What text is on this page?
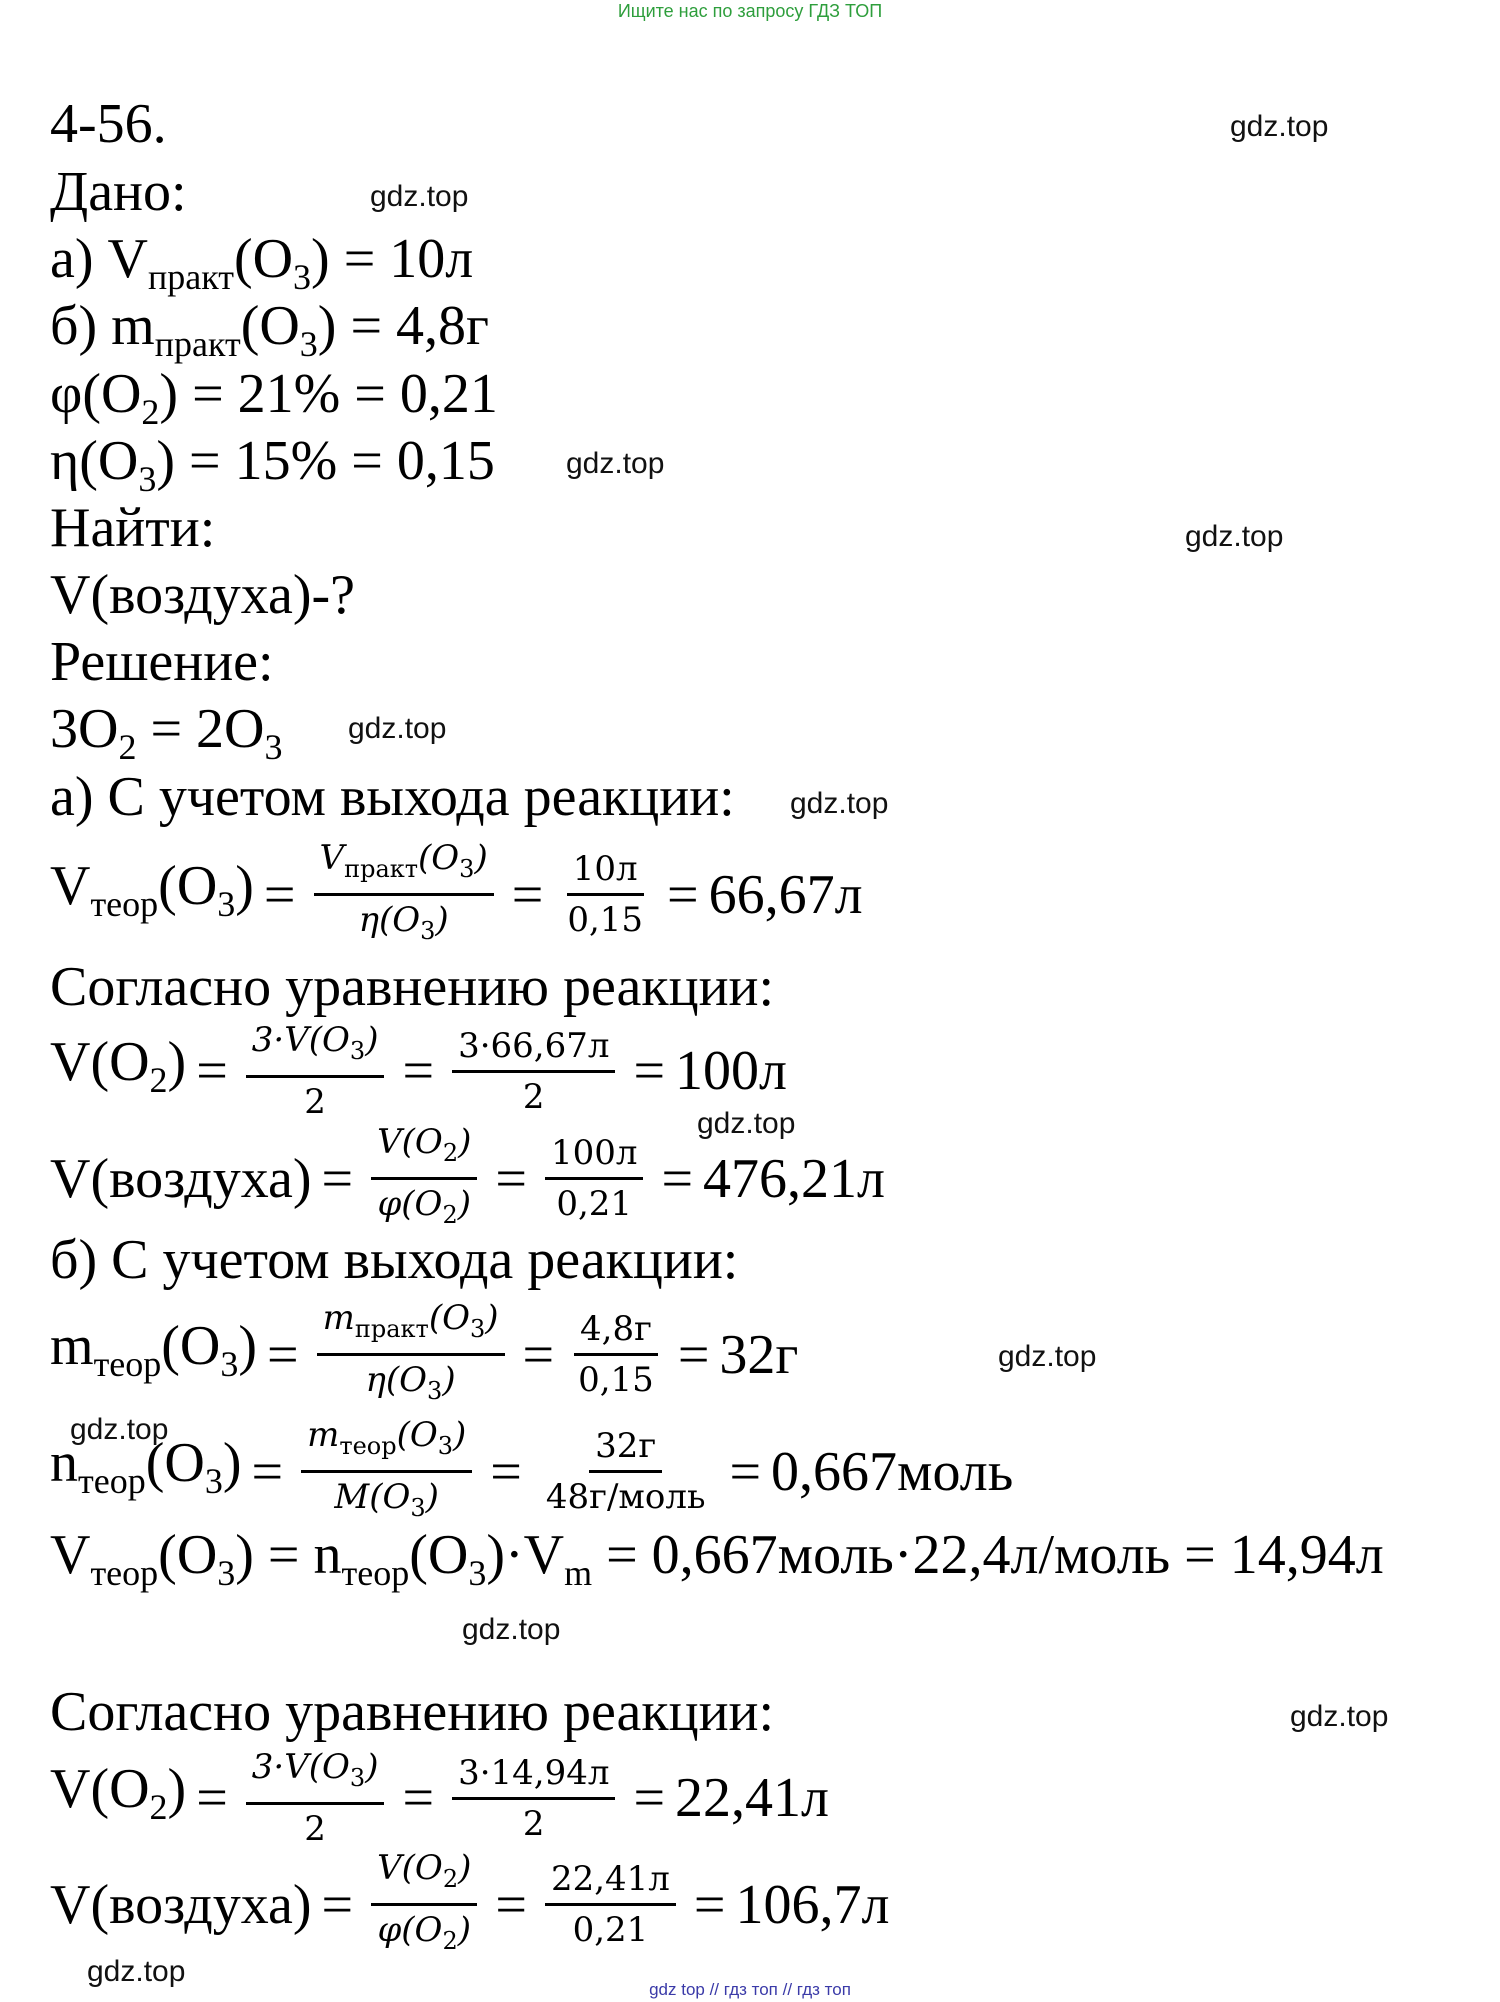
Ищите нас по запросу ГДЗ ТОП
gdz.top
gdz.top
gdz.top
gdz.top
gdz.top
gdz.top
gdz.top
gdz.top
gdz.top
gdz.top
gdz.top
gdz.top
4-56.
Дано:
а) $V_{практ}(O_3) = 10л$
б) $m_{практ}(O_3) = 4,8г$
$\varphi(O_2) = 21\% = 0,21$
$\eta(O_3) = 15\% = 0,15$
Найти:
V(воздуха)-?
Решение:
$3O_2 = 2O_3$
а) С учетом выхода реакции:
$V_{теор}(O_3) = \frac{V_{практ}(O_3)}{\eta(O_3)} = \frac{10л}{0,15} = 66,67л$
Согласно уравнению реакции:
$V(O_2) = \frac{3\cdot V(O_3)}{2} = \frac{3\cdot 66,67л}{2} = 100л$
V(воздуха) = $\frac{V(O_2)}{\varphi(O_2)} = \frac{100л}{0,21} = 476,21л$
б) С учетом выхода реакции:
$m_{теор}(O_3) = \frac{m_{практ}(O_3)}{\eta(O_3)} = \frac{4,8г}{0,15} = 32г$
$n_{теор}(O_3) = \frac{m_{теор}(O_3)}{M(O_3)} = \frac{32г}{\text{48г/моль}}$ = 0,667моль
$V_{теор}(O_3) = n_{теор}(O_3)\cdot V_m$ = 0,667моль·22,4л/моль = 14,94л
Согласно уравнению реакции:
$V(O_2) = \frac{3\cdot V(O_3)}{2} = \frac{3\cdot 14,94л}{2} = 22,41л$
V(воздуха) = $\frac{V(O_2)}{\varphi(O_2)} = \frac{22,41л}{0,21} = 106,7л$
gdz top // гдз топ // гдз топ
